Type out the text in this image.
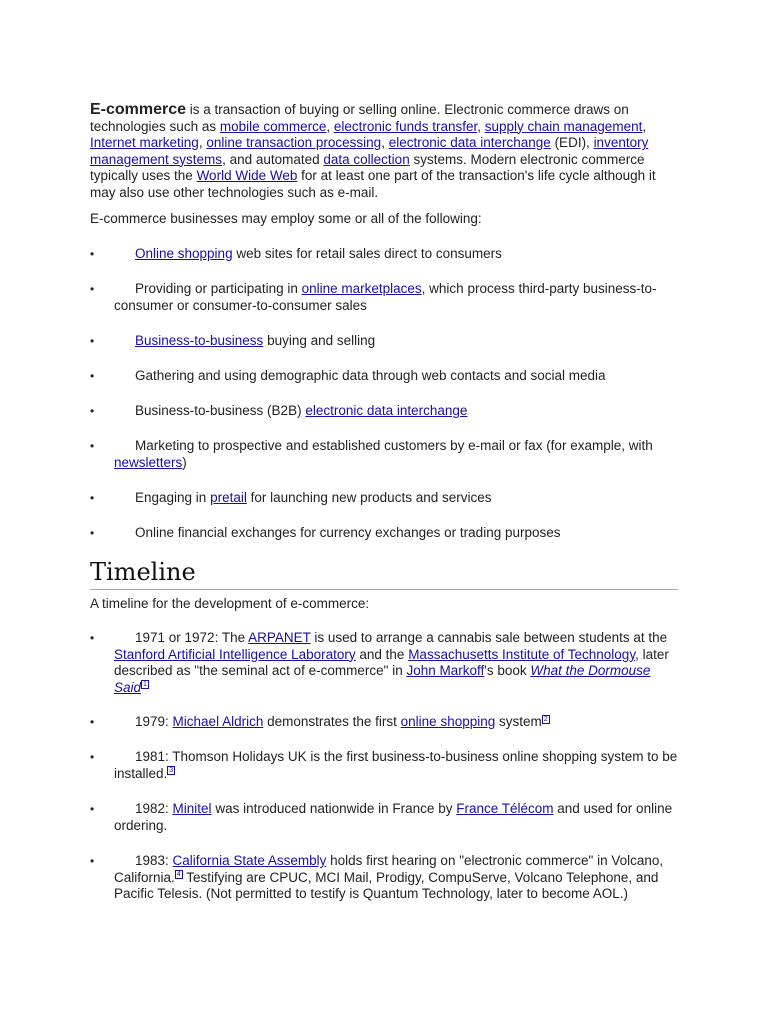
E-commerce is a transaction of buying or selling online. Electronic commerce draws on technologies such as mobile commerce, electronic funds transfer, supply chain management, Internet marketing, online transaction processing, electronic data interchange (EDI), inventory management systems, and automated data collection systems. Modern electronic commerce typically uses the World Wide Web for at least one part of the transaction's life cycle although it may also use other technologies such as e-mail.
E-commerce businesses may employ some or all of the following:
•	Online shopping web sites for retail sales direct to consumers
•	Providing or participating in online marketplaces, which process third-party business-to-consumer or consumer-to-consumer sales
•	Business-to-business buying and selling
•	Gathering and using demographic data through web contacts and social media
•	Business-to-business (B2B) electronic data interchange
•	Marketing to prospective and established customers by e-mail or fax (for example, with newsletters)
•	Engaging in pretail for launching new products and services
•	Online financial exchanges for currency exchanges or trading purposes
Timeline
A timeline for the development of e-commerce:
•	1971 or 1972: The ARPANET is used to arrange a cannabis sale between students at the Stanford Artificial Intelligence Laboratory and the Massachusetts Institute of Technology, later described as "the seminal act of e-commerce" in John Markoff's book What the Dormouse Said $^1$
•	1979: Michael Aldrich demonstrates the first online shopping system $^2$
•	1981: Thomson Holidays UK is the first business-to-business online shopping system to be installed. $^3$
•	1982: Minitel was introduced nationwide in France by France Télécom and used for online ordering.
•	1983: California State Assembly holds first hearing on "electronic commerce" in Volcano, California. $^4$ Testifying are CPUC, MCI Mail, Prodigy, CompuServe, Volcano Telephone, and Pacific Telesis. (Not permitted to testify is Quantum Technology, later to become AOL.)
